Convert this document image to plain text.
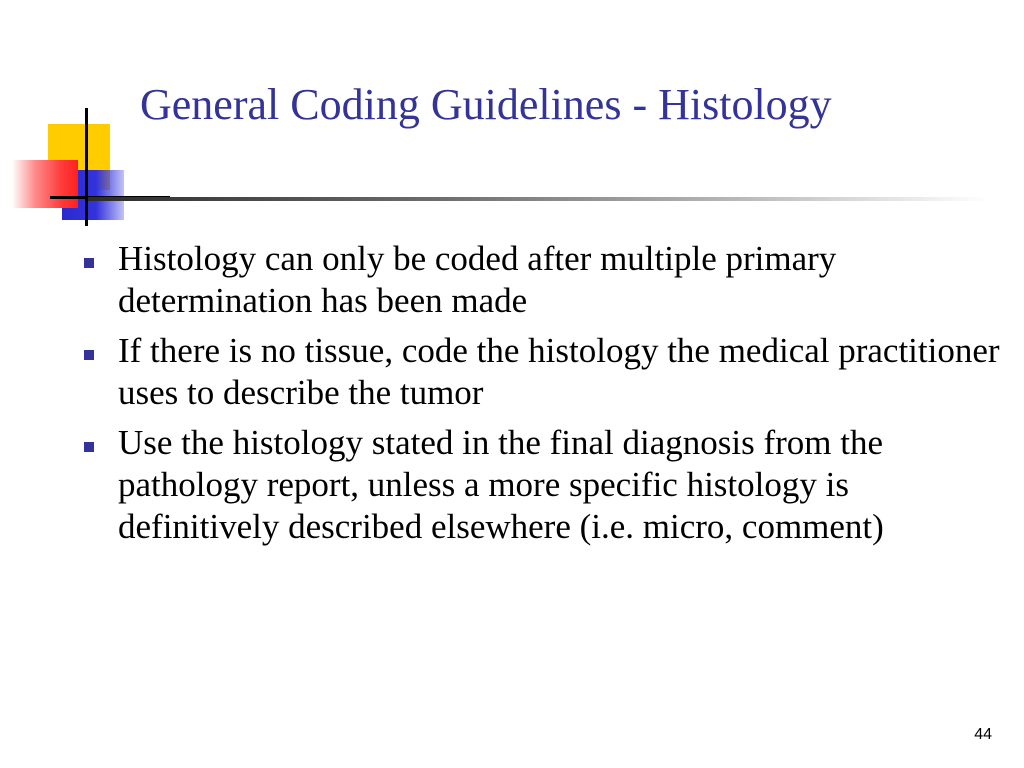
General Coding Guidelines - Histology
Histology can only be coded after multiple primary determination has been made
If there is no tissue, code the histology the medical practitioner uses to describe the tumor
Use the histology stated in the final diagnosis from the pathology report, unless a more specific histology is definitively described elsewhere (i.e. micro, comment)
44
